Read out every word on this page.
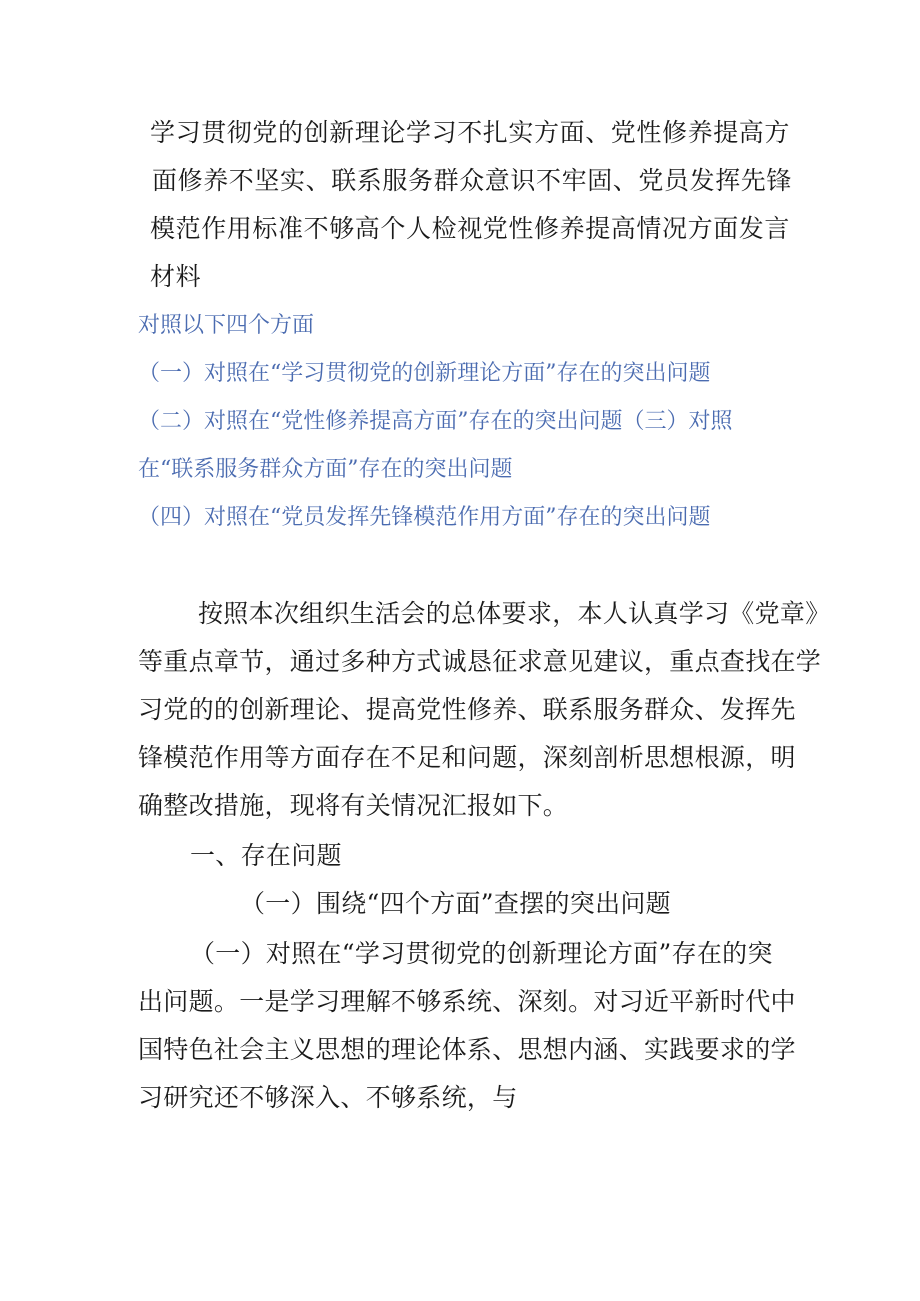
学习贯彻党的创新理论学习不扎实方面、党性修养提高方
面修养不坚实、联系服务群众意识不牢固、党员发挥先锋
模范作用标准不够高个人检视党性修养提高情况方面发言
材料
对照以下四个方面
（一）对照在“学习贯彻党的创新理论方面”存在的突出问题
（二）对照在“党性修养提高方面”存在的突出问题（三）对照
在“联系服务群众方面”存在的突出问题
（四）对照在“党员发挥先锋模范作用方面”存在的突出问题
按照本次组织生活会的总体要求，本人认真学习《党章》
等重点章节，通过多种方式诚恳征求意见建议，重点查找在学
习党的的创新理论、提高党性修养、联系服务群众、发挥先
锋模范作用等方面存在不足和问题，深刻剖析思想根源，明
确整改措施，现将有关情况汇报如下。
一、存在问题
（一）围绕“四个方面”查摆的突出问题
（一）对照在“学习贯彻党的创新理论方面”存在的突
出问题。一是学习理解不够系统、深刻。对习近平新时代中
国特色社会主义思想的理论体系、思想内涵、实践要求的学
习研究还不够深入、不够系统，与
